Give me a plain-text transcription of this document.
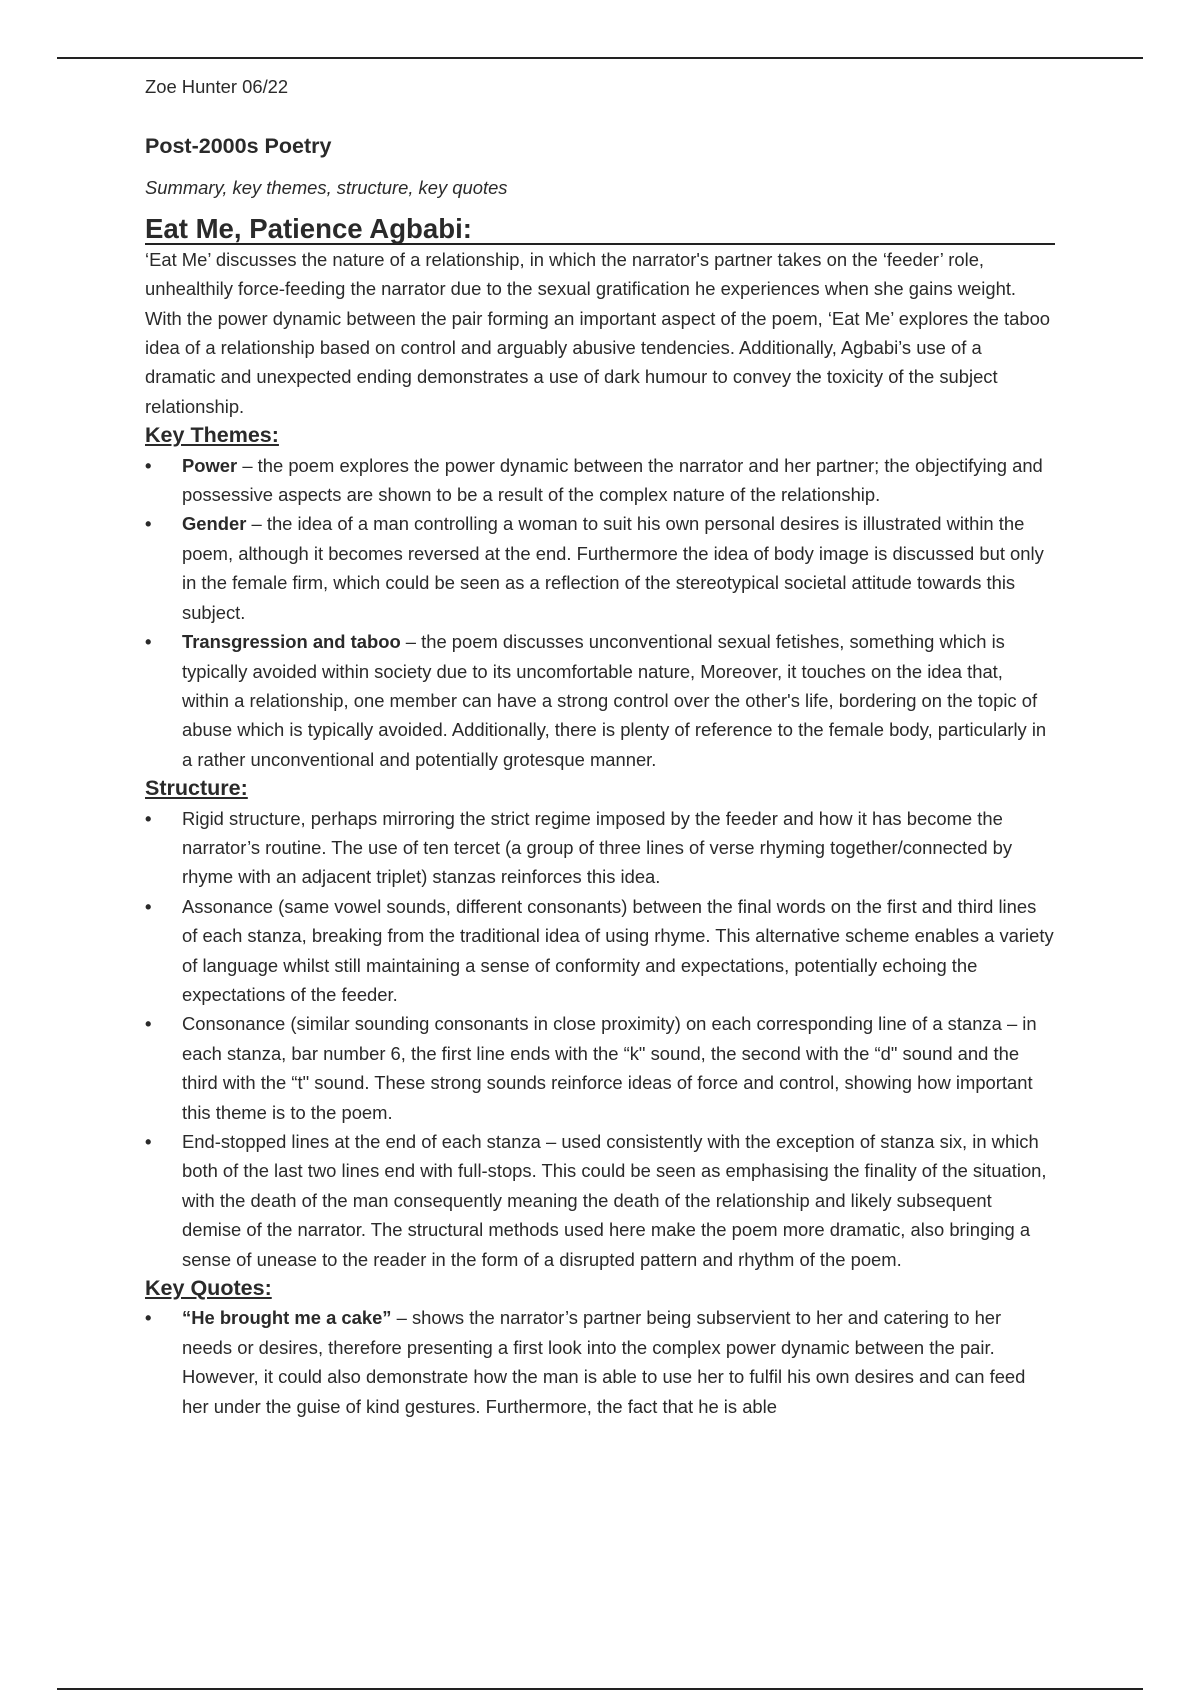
Zoe Hunter 06/22

Post-2000s Poetry

Summary, key themes, structure, key quotes

Eat Me, Patience Agbabi:

‘Eat Me’ discusses the nature of a relationship, in which the narrator's partner takes on the ‘feeder’ role, unhealthily force-feeding the narrator due to the sexual gratification he experiences when she gains weight. With the power dynamic between the pair forming an important aspect of the poem, ‘Eat Me’ explores the taboo idea of a relationship based on control and arguably abusive tendencies. Additionally, Agbabi’s use of a dramatic and unexpected ending demonstrates a use of dark humour to convey the toxicity of the subject relationship.

Key Themes:
•	Power – the poem explores the power dynamic between the narrator and her partner; the objectifying and possessive aspects are shown to be a result of the complex nature of the relationship.
•	Gender – the idea of a man controlling a woman to suit his own personal desires is illustrated within the poem, although it becomes reversed at the end. Furthermore the idea of body image is discussed but only in the female firm, which could be seen as a reflection of the stereotypical societal attitude towards this subject.
•	Transgression and taboo – the poem discusses unconventional sexual fetishes, something which is typically avoided within society due to its uncomfortable nature, Moreover, it touches on the idea that, within a relationship, one member can have a strong control over the other's life, bordering on the topic of abuse which is typically avoided. Additionally, there is plenty of reference to the female body, particularly in a rather unconventional and potentially grotesque manner.
Structure:
•	Rigid structure, perhaps mirroring the strict regime imposed by the feeder and how it has become the narrator’s routine. The use of ten tercet (a group of three lines of verse rhyming together/connected by rhyme with an adjacent triplet) stanzas reinforces this idea.
•	Assonance (same vowel sounds, different consonants) between the final words on the first and third lines of each stanza, breaking from the traditional idea of using rhyme. This alternative scheme enables a variety of language whilst still maintaining a sense of conformity and expectations, potentially echoing the expectations of the feeder.
•	Consonance (similar sounding consonants in close proximity) on each corresponding line of a stanza – in each stanza, bar number 6, the first line ends with the “k" sound, the second with the “d" sound and the third with the “t" sound. These strong sounds reinforce ideas of force and control, showing how important this theme is to the poem.
•	End-stopped lines at the end of each stanza – used consistently with the exception of stanza six, in which both of the last two lines end with full-stops. This could be seen as emphasising the finality of the situation, with the death of the man consequently meaning the death of the relationship and likely subsequent demise of the narrator. The structural methods used here make the poem more dramatic, also bringing a sense of unease to the reader in the form of a disrupted pattern and rhythm of the poem.
Key Quotes:
•	“He brought me a cake” – shows the narrator’s partner being subservient to her and catering to her needs or desires, therefore presenting a first look into the complex power dynamic between the pair. However, it could also demonstrate how the man is able to use her to fulfil his own desires and can feed her under the guise of kind gestures. Furthermore, the fact that he is able
